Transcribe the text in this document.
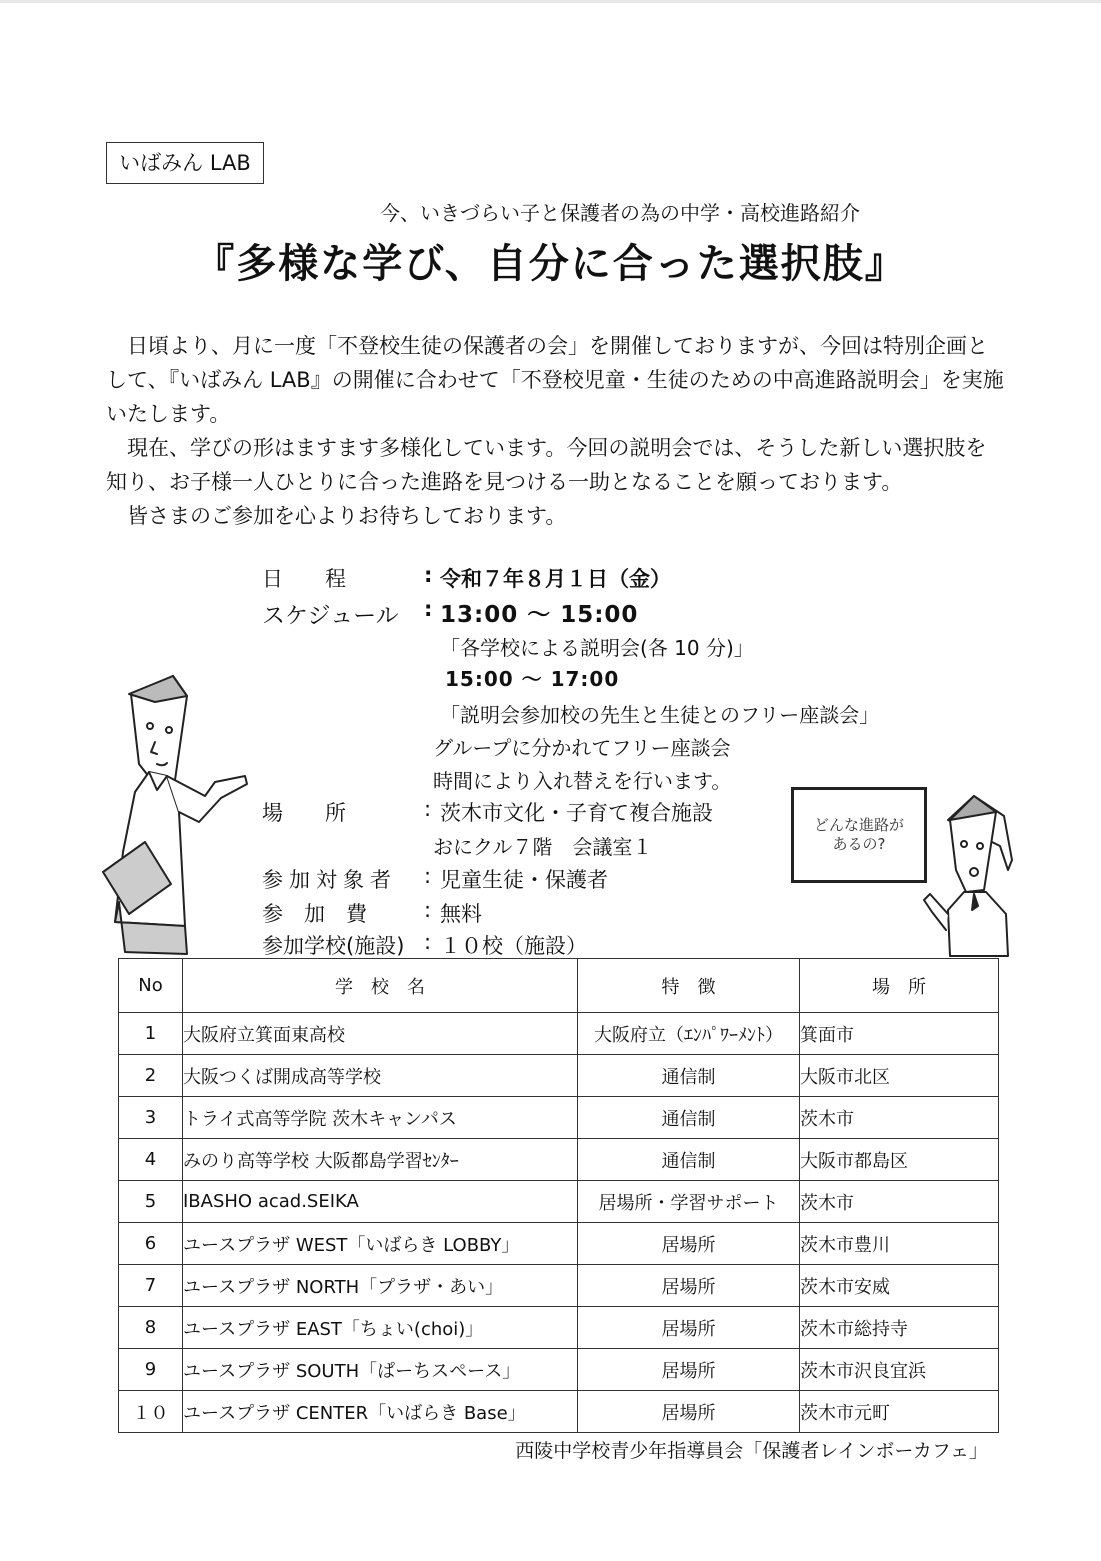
いばみん LAB
今、いきづらい子と保護者の為の中学・高校進路紹介
『多様な学び、自分に合った選択肢』

日頃より、月に一度「不登校生徒の保護者の会」を開催しておりますが、今回は特別企画として、『いばみん LAB』の開催に合わせて「不登校児童・生徒のための中高進路説明会」を実施いたします。

現在、学びの形はますます多様化しています。今回の説明会では、そうした新しい選択肢を知り、お子様一人ひとりに合った進路を見つける一助となることを願っております。

皆さまのご参加を心よりお待ちしております。

日　　程	: 令和７年８月１日（金）
スケジュール	: 13:00 ～ 15:00
「各学校による説明会(各 10 分)」
15:00 ～ 17:00
「説明会参加校の先生と生徒とのフリー座談会」
グループに分かれてフリー座談会
時間により入れ替えを行います。
場　　所	: 茨木市文化・子育て複合施設
おにクル７階　会議室１
参加対象者	: 児童生徒・保護者
参　加　費	: 無料
参加学校(施設) : １０校（施設）
どんな進路が
あるの?
No	学　校　名	特　徴	場　所
1	大阪府立箕面東高校	大阪府立（ｴﾝﾊﾟﾜｰﾒﾝﾄ）	箕面市
2	大阪つくば開成高等学校	通信制	大阪市北区
3	トライ式高等学院 茨木キャンパス	通信制	茨木市
4	みのり高等学校 大阪都島学習ｾﾝﾀｰ	通信制	大阪市都島区
5	IBASHO acad.SEIKA	居場所・学習サポート	茨木市
6	ユースプラザ WEST「いばらき LOBBY」	居場所	茨木市豊川
7	ユースプラザ NORTH「プラザ・あい」	居場所	茨木市安威
8	ユースプラザ EAST「ちょい(choi)」	居場所	茨木市総持寺
9	ユースプラザ SOUTH「ぱーちスペース」	居場所	茨木市沢良宜浜
１０	ユースプラザ CENTER「いばらき Base」	居場所	茨木市元町
西陵中学校青少年指導員会「保護者レインボーカフェ」
